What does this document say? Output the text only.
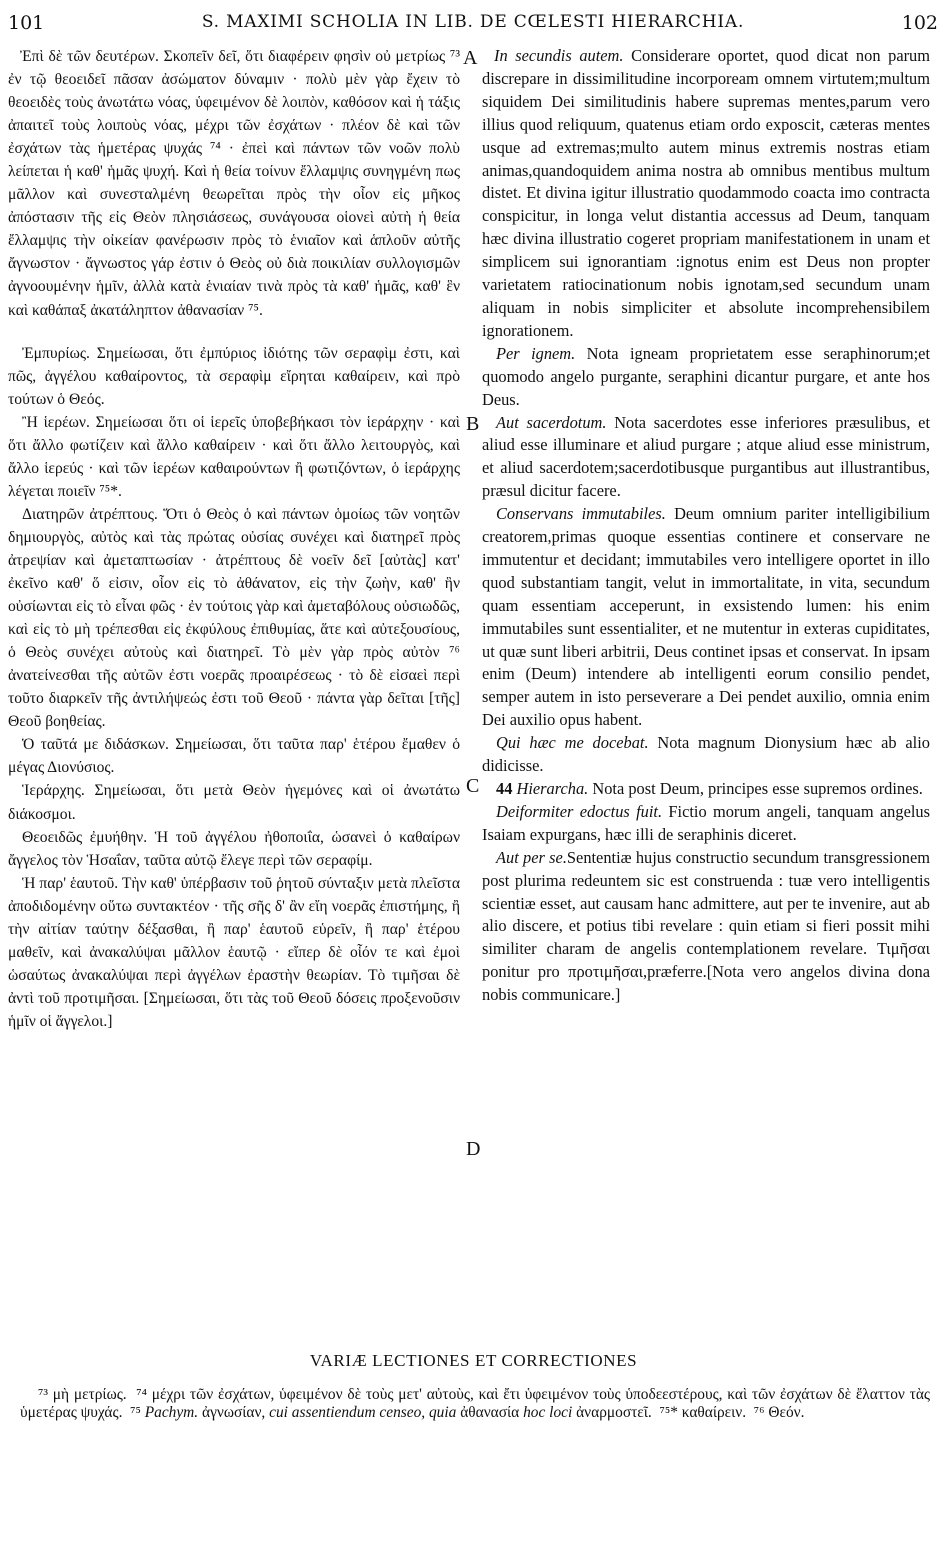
101	S. MAXIMI SCHOLIA IN LIB. DE CŒLESTI HIERARCHIA.	102

Ἐπὶ δὲ τῶν δευτέρων. Σκοπεῖν δεῖ, ὅτι διαφέρειν φησὶν οὐ μετρίως ⁷³ ἐν τῷ θεοειδεῖ πᾶσαν ἀσώματον δύναμιν · πολὺ μὲν γὰρ ἔχειν τὸ θεοειδὲς τοὺς ἀνωτάτω νόας, ὑφειμένον δὲ λοιπὸν, καθόσον καὶ ἡ τάξις ἀπαιτεῖ τοὺς λοιποὺς νόας, μέχρι τῶν ἐσχάτων · πλέον δὲ καὶ τῶν ἐσχάτων τὰς ἡμετέρας ψυχάς ⁷⁴ · ἐπεὶ καὶ πάντων τῶν νοῶν πολὺ λείπεται ἡ καθ' ἡμᾶς ψυχή. Καὶ ἡ θεία τοίνυν ἔλλαμψις συνηγμένη πως μᾶλλον καὶ συνεσταλμένη θεωρεῖται πρὸς τὴν οἷον εἰς μῆκος ἀπόστασιν τῆς εἰς Θεὸν πλησιάσεως, συνάγουσα οἱονεὶ αὐτὴ ἡ θεία ἔλλαμψις τὴν οἰκείαν φανέρωσιν πρὸς τὸ ἑνιαῖον καὶ ἁπλοῦν αὐτῆς ἄγνωστον · ἄγνωστος γάρ ἐστιν ὁ Θεὸς οὐ διὰ ποικιλίαν συλλογισμῶν ἀγνοουμένην ἡμῖν, ἀλλὰ κατὰ ἑνιαίαν τινὰ πρὸς τὰ καθ' ἡμᾶς, καθ' ἓν καὶ καθάπαξ ἀκατάληπτον ἀθανασίαν ⁷⁵.

Ἐμπυρίως. Σημείωσαι, ὅτι ἐμπύριος ἰδιότης τῶν σεραφὶμ ἐστι, καὶ πῶς, ἀγγέλου καθαίροντος, τὰ σεραφὶμ εἴρηται καθαίρειν, καὶ πρὸ τούτων ὁ Θεός.

Ἢ ἱερέων. Σημείωσαι ὅτι οἱ ἱερεῖς ὑποβεβήκασι τὸν ἱεράρχην · καὶ ὅτι ἄλλο φωτίζειν καὶ ἄλλο καθαίρειν · καὶ ὅτι ἄλλο λειτουργὸς, καὶ ἄλλο ἱερεύς · καὶ τῶν ἱερέων καθαιρούντων ἢ φωτιζόντων, ὁ ἱεράρχης λέγεται ποιεῖν ⁷⁵*.

Διατηρῶν ἀτρέπτους. Ὅτι ὁ Θεὸς ὁ καὶ πάντων ὁμοίως τῶν νοητῶν δημιουργὸς, αὐτὸς καὶ τὰς πρώτας οὐσίας συνέχει καὶ διατηρεῖ πρὸς ἀτρεψίαν καὶ ἀμεταπτωσίαν · ἀτρέπτους δὲ νοεῖν δεῖ [αὐτὰς] κατ' ἐκεῖνο καθ' ὅ εἰσιν, οἷον εἰς τὸ ἀθάνατον, εἰς τὴν ζωὴν, καθ' ἣν οὐσίωνται εἰς τὸ εἶναι φῶς · ἐν τούτοις γὰρ καὶ ἀμεταβόλους οὐσιωδῶς, καὶ εἰς τὸ μὴ τρέπεσθαι εἰς ἐκφύλους ἐπιθυμίας, ἅτε καὶ αὐτεξουσίους, ὁ Θεὸς συνέχει αὐτοὺς καὶ διατηρεῖ. Τὸ μὲν γὰρ πρὸς αὐτὸν ⁷⁶ ἀνατείνεσθαι τῆς αὐτῶν ἐστι νοερᾶς προαιρέσεως · τὸ δὲ εἰσαεὶ περὶ τοῦτο διαρκεῖν τῆς ἀντιλήψεώς ἐστι τοῦ Θεοῦ · πάντα γὰρ δεῖται [τῆς] Θεοῦ βοηθείας.

Ὁ ταῦτά με διδάσκων. Σημείωσαι, ὅτι ταῦτα παρ' ἑτέρου ἔμαθεν ὁ μέγας Διονύσιος.

Ἱεράρχης. Σημείωσαι, ὅτι μετὰ Θεὸν ἡγεμόνες καὶ οἱ ἀνωτάτω διάκοσμοι.

Θεοειδῶς ἐμυήθην. Ἡ τοῦ ἀγγέλου ἠθοποιΐα, ὡσανεὶ ὁ καθαίρων ἄγγελος τὸν Ἡσαΐαν, ταῦτα αὐτῷ ἔλεγε περὶ τῶν σεραφίμ.

Ἡ παρ' ἑαυτοῦ. Τὴν καθ' ὑπέρβασιν τοῦ ῥητοῦ σύνταξιν μετὰ πλεῖστα ἀποδιδομένην οὕτω συντακτέον · τῆς σῆς δ' ἂν εἴη νοερᾶς ἐπιστήμης, ἢ τὴν αἰτίαν ταύτην δέξασθαι, ἢ παρ' ἑαυτοῦ εὑρεῖν, ἢ παρ' ἑτέρου μαθεῖν, καὶ ἀνακαλύψαι μᾶλλον ἑαυτῷ · εἴπερ δὲ οἷόν τε καὶ ἐμοὶ ὡσαύτως ἀνακαλύψαι περὶ ἀγγέλων ἐραστὴν θεωρίαν. Τὸ τιμῆσαι δὲ ἀντὶ τοῦ προτιμῆσαι. [Σημείωσαι, ὅτι τὰς τοῦ Θεοῦ δόσεις προξενοῦσιν ἡμῖν οἱ ἄγγελοι.]

A
B
C
D

In secundis autem. Considerare oportet, quod dicat non parum discrepare in dissimilitudine incorpoream omnem virtutem;multum siquidem Dei similitudinis habere supremas mentes,parum vero illius quod reliquum, quatenus etiam ordo exposcit, cæteras mentes usque ad extremas;multo autem minus extremis nostras etiam animas,quandoquidem anima nostra ab omnibus mentibus multum distet. Et divina igitur illustratio quodammodo coacta imo contracta conspicitur, in longa velut distantia accessus ad Deum, tanquam hæc divina illustratio cogeret propriam manifestationem in unam et simplicem sui ignorantiam :ignotus enim est Deus non propter varietatem ratiocinationum nobis ignotam,sed secundum unam aliquam in nobis simpliciter et absolute incomprehensibilem ignorationem.

Per ignem. Nota igneam proprietatem esse seraphinorum;et quomodo angelo purgante, seraphini dicantur purgare, et ante hos Deus.

Aut sacerdotum. Nota sacerdotes esse inferiores præsulibus, et aliud esse illuminare et aliud purgare ; atque aliud esse ministrum, et aliud sacerdotem;sacerdotibusque purgantibus aut illustrantibus, præsul dicitur facere.

Conservans immutabiles. Deum omnium pariter intelligibilium creatorem,primas quoque essentias continere et conservare ne immutentur et decidant; immutabiles vero intelligere oportet in illo quod substantiam tangit, velut in immortalitate, in vita, secundum quam essentiam acceperunt, in exsistendo lumen: his enim immutabiles sunt essentialiter, et ne mutentur in exteras cupiditates, ut quæ sunt liberi arbitrii, Deus continet ipsas et conservat. In ipsam enim (Deum) intendere ab intelligenti eorum consilio pendet, semper autem in isto perseverare a Dei pendet auxilio, omnia enim Dei auxilio opus habent.

Qui hæc me docebat. Nota magnum Dionysium hæc ab alio didicisse.

44 Hierarcha. Nota post Deum, principes esse supremos ordines.

Deiformiter edoctus fuit. Fictio morum angeli, tanquam angelus Isaiam expurgans, hæc illi de seraphinis diceret.

Aut per se.Sententiæ hujus constructio secundum transgressionem post plurima redeuntem sic est construenda : tuæ vero intelligentis scientiæ esset, aut causam hanc admittere, aut per te invenire, aut ab alio discere, et potius tibi revelare : quin etiam si fieri possit mihi similiter charam de angelis contemplationem revelare. Τιμῆσαι ponitur pro προτιμῆσαι,præferre.[Nota vero angelos divina dona nobis communicare.]

VARIÆ LECTIONES ET CORRECTIONES

⁷³ μὴ μετρίως. ⁷⁴ μέχρι τῶν ἐσχάτων, ὑφειμένον δὲ τοὺς μετ' αὐτοὺς, καὶ ἔτι ὑφειμένον τοὺς ὑποδεεστέρους, καὶ τῶν ἐσχάτων δὲ ἔλαττον τὰς ὑμετέρας ψυχάς. ⁷⁵ Pachym. ἀγνωσίαν, cui assentiendum censeo, quia ἀθανασία hoc loci ἀναρμοστεῖ. ⁷⁵* καθαίρειν. ⁷⁶ Θεόν.
